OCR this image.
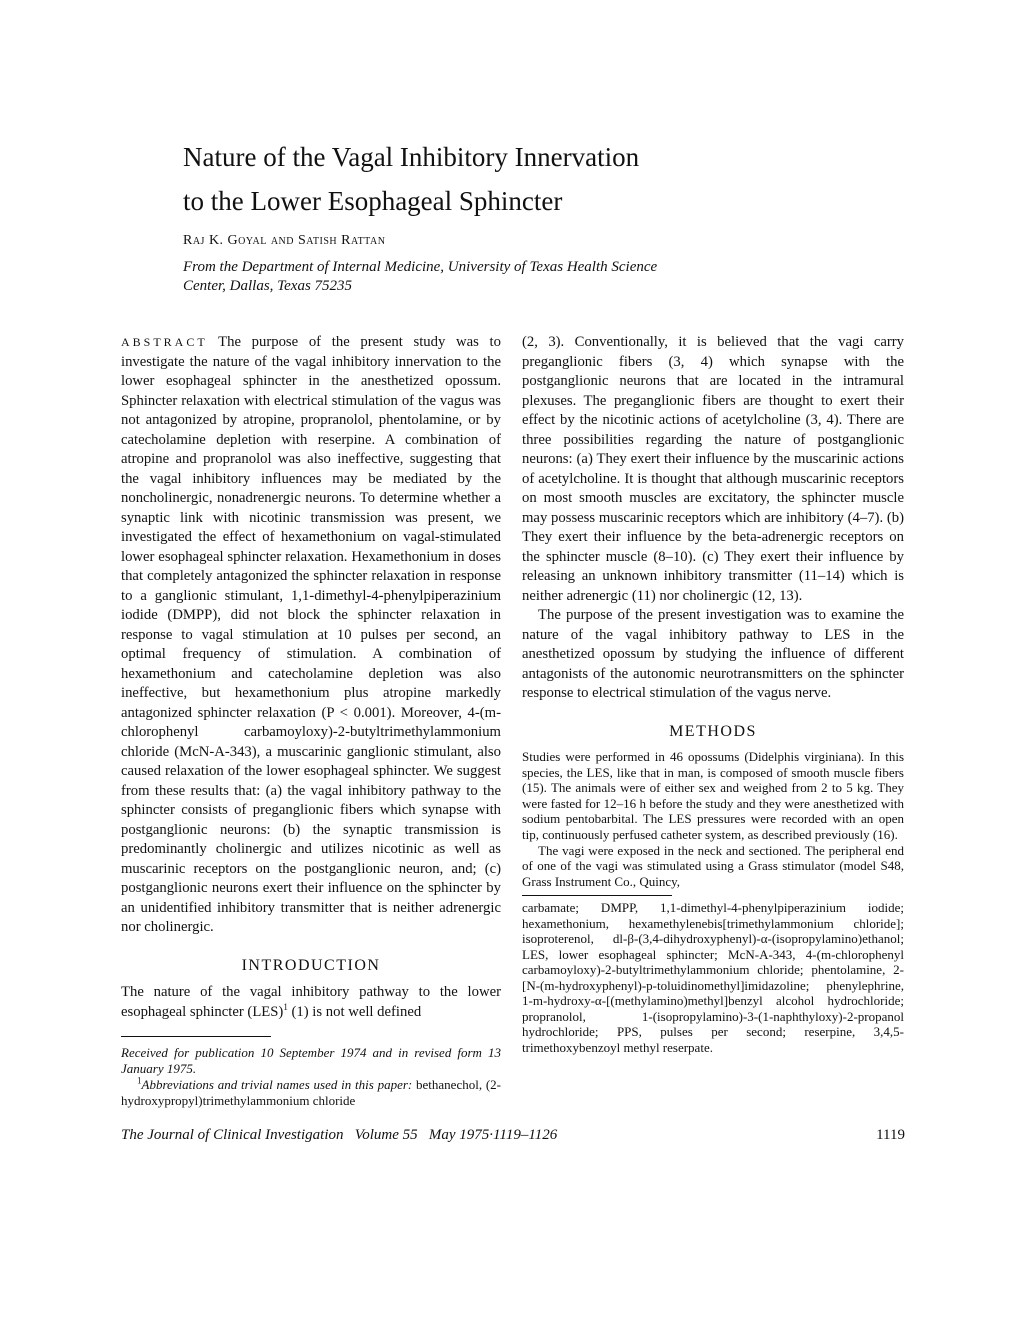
Nature of the Vagal Inhibitory Innervation
to the Lower Esophageal Sphincter
Raj K. Goyal and Satish Rattan
From the Department of Internal Medicine, University of Texas Health Science Center, Dallas, Texas 75235

ABSTRACT The purpose of the present study was to investigate the nature of the vagal inhibitory innervation to the lower esophageal sphincter in the anesthetized opossum. Sphincter relaxation with electrical stimulation of the vagus was not antagonized by atropine, propranolol, phentolamine, or by catecholamine depletion with reserpine. A combination of atropine and propranolol was also ineffective, suggesting that the vagal inhibitory influences may be mediated by the noncholinergic, nonadrenergic neurons. To determine whether a synaptic link with nicotinic transmission was present, we investigated the effect of hexamethonium on vagal-stimulated lower esophageal sphincter relaxation. Hexamethonium in doses that completely antagonized the sphincter relaxation in response to a ganglionic stimulant, 1,1-dimethyl-4-phenylpiperazinium iodide (DMPP), did not block the sphincter relaxation in response to vagal stimulation at 10 pulses per second, an optimal frequency of stimulation. A combination of hexamethonium and catecholamine depletion was also ineffective, but hexamethonium plus atropine markedly antagonized sphincter relaxation (P < 0.001). Moreover, 4-(m-chlorophenyl carbamoyloxy)-2-butyltrimethylammonium chloride (McN-A-343), a muscarinic ganglionic stimulant, also caused relaxation of the lower esophageal sphincter. We suggest from these results that: (a) the vagal inhibitory pathway to the sphincter consists of preganglionic fibers which synapse with postganglionic neurons: (b) the synaptic transmission is predominantly cholinergic and utilizes nicotinic as well as muscarinic receptors on the postganglionic neuron, and; (c) postganglionic neurons exert their influence on the sphincter by an unidentified inhibitory transmitter that is neither adrenergic nor cholinergic.

INTRODUCTION

The nature of the vagal inhibitory pathway to the lower esophageal sphincter (LES)$^1$ (1) is not well defined

Received for publication 10 September 1974 and in revised form 13 January 1975.

$^1$Abbreviations and trivial names used in this paper: bethanechol, (2-hydroxypropyl)trimethylammonium chloride

(2, 3). Conventionally, it is believed that the vagi carry preganglionic fibers (3, 4) which synapse with the postganglionic neurons that are located in the intramural plexuses. The preganglionic fibers are thought to exert their effect by the nicotinic actions of acetylcholine (3, 4). There are three possibilities regarding the nature of postganglionic neurons: (a) They exert their influence by the muscarinic actions of acetylcholine. It is thought that although muscarinic receptors on most smooth muscles are excitatory, the sphincter muscle may possess muscarinic receptors which are inhibitory (4–7). (b) They exert their influence by the beta-adrenergic receptors on the sphincter muscle (8–10). (c) They exert their influence by releasing an unknown inhibitory transmitter (11–14) which is neither adrenergic (11) nor cholinergic (12, 13).

The purpose of the present investigation was to examine the nature of the vagal inhibitory pathway to LES in the anesthetized opossum by studying the influence of different antagonists of the autonomic neurotransmitters on the sphincter response to electrical stimulation of the vagus nerve.

METHODS

Studies were performed in 46 opossums (Didelphis virginiana). In this species, the LES, like that in man, is composed of smooth muscle fibers (15). The animals were of either sex and weighed from 2 to 5 kg. They were fasted for 12–16 h before the study and they were anesthetized with sodium pentobarbital. The LES pressures were recorded with an open tip, continuously perfused catheter system, as described previously (16).

The vagi were exposed in the neck and sectioned. The peripheral end of one of the vagi was stimulated using a Grass stimulator (model S48, Grass Instrument Co., Quincy,

carbamate; DMPP, 1,1-dimethyl-4-phenylpiperazinium iodide; hexamethonium, hexamethylenebis[trimethylammonium chloride]; isoproterenol, dl-β-(3,4-dihydroxyphenyl)-α-(isopropylamino)ethanol; LES, lower esophageal sphincter; McN-A-343, 4-(m-chlorophenyl carbamoyloxy)-2-butyltrimethylammonium chloride; phentolamine, 2-[N-(m-hydroxyphenyl)-p-toluidinomethyl]imidazoline; phenylephrine, 1-m-hydroxy-α-[(methylamino)methyl]benzyl alcohol hydrochloride; propranolol, 1-(isopropylamino)-3-(1-naphthyloxy)-2-propanol hydrochloride; PPS, pulses per second; reserpine, 3,4,5-trimethoxybenzoyl methyl reserpate.

The Journal of Clinical Investigation   Volume 55   May 1975·1119–1126	1119
